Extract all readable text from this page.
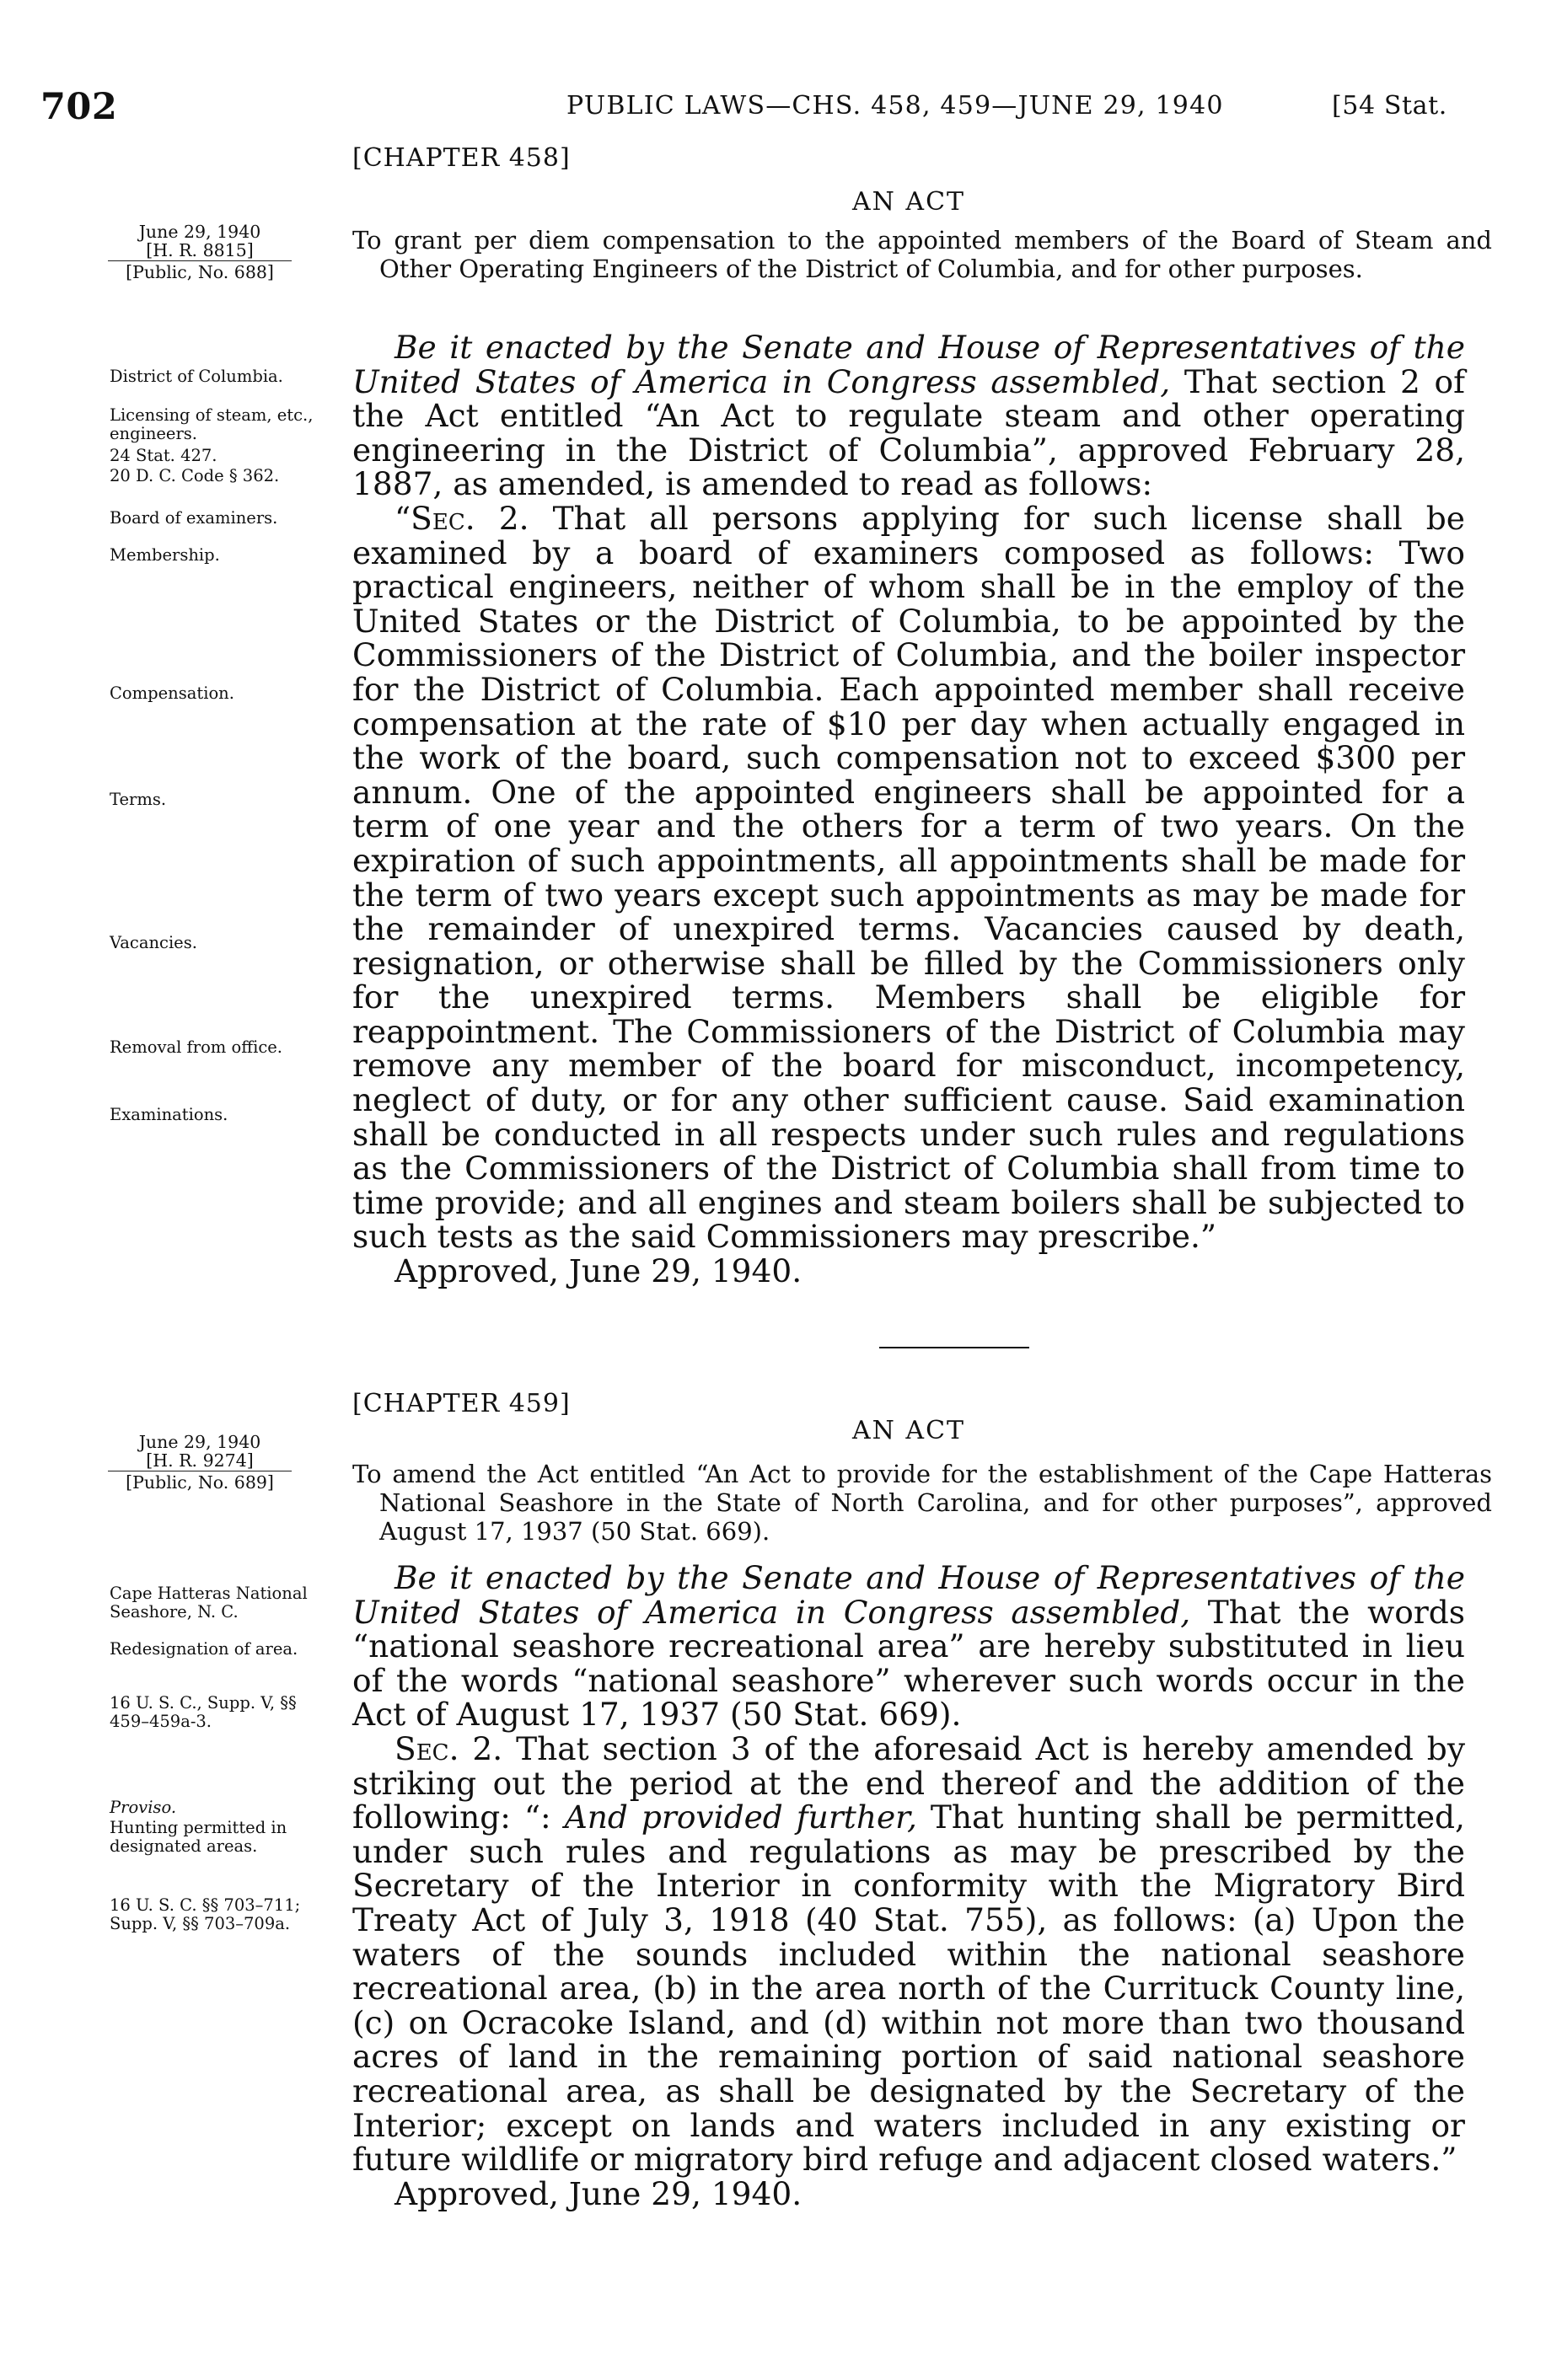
702	PUBLIC LAWS—CHS. 458, 459—JUNE 29, 1940	[54 Stat.
[CHAPTER 458]
AN ACT
June 29, 1940
[H. R. 8815]
[Public, No. 688]
To grant per diem compensation to the appointed members of the Board of Steam and Other Operating Engineers of the District of Columbia, and for other purposes.
District of Columbia.
Licensing of steam, etc., engineers.
24 Stat. 427.
20 D. C. Code § 362.
Board of examiners.
Membership.
Compensation.
Terms.
Vacancies.
Removal from office.
Examinations.

Be it enacted by the Senate and House of Representatives of the United States of America in Congress assembled, That section 2 of the Act entitled “An Act to regulate steam and other operating engineering in the District of Columbia”, approved February 28, 1887, as amended, is amended to read as follows:

“Sec. 2. That all persons applying for such license shall be examined by a board of examiners composed as follows: Two practical engineers, neither of whom shall be in the employ of the United States or the District of Columbia, to be appointed by the Commissioners of the District of Columbia, and the boiler inspector for the District of Columbia. Each appointed member shall receive compensation at the rate of $10 per day when actually engaged in the work of the board, such compensation not to exceed $300 per annum. One of the appointed engineers shall be appointed for a term of one year and the others for a term of two years. On the expiration of such appointments, all appointments shall be made for the term of two years except such appointments as may be made for the remainder of unexpired terms. Vacancies caused by death, resignation, or otherwise shall be filled by the Commissioners only for the unexpired terms. Members shall be eligible for reappointment. The Commissioners of the District of Columbia may remove any member of the board for misconduct, incompetency, neglect of duty, or for any other sufficient cause. Said examination shall be conducted in all respects under such rules and regulations as the Commissioners of the District of Columbia shall from time to time provide; and all engines and steam boilers shall be subjected to such tests as the said Commissioners may prescribe.”

Approved, June 29, 1940.

[CHAPTER 459]
AN ACT
June 29, 1940
[H. R. 9274]
[Public, No. 689]	To amend the Act entitled “An Act to provide for the establishment of the Cape Hatteras National Seashore in the State of North Carolina, and for other purposes”, approved August 17, 1937 (50 Stat. 669).
Cape Hatteras National Seashore, N. C.
Redesignation of area.
16 U. S. C., Supp. V, §§ 459–459a-3.
Proviso.
Hunting permitted in designated areas.
16 U. S. C. §§ 703–711; Supp. V, §§ 703–709a.

Be it enacted by the Senate and House of Representatives of the United States of America in Congress assembled, That the words “national seashore recreational area” are hereby substituted in lieu of the words “national seashore” wherever such words occur in the Act of August 17, 1937 (50 Stat. 669).

Sec. 2. That section 3 of the aforesaid Act is hereby amended by striking out the period at the end thereof and the addition of the following: “: And provided further, That hunting shall be permitted, under such rules and regulations as may be prescribed by the Secretary of the Interior in conformity with the Migratory Bird Treaty Act of July 3, 1918 (40 Stat. 755), as follows: (a) Upon the waters of the sounds included within the national seashore recreational area, (b) in the area north of the Currituck County line, (c) on Ocracoke Island, and (d) within not more than two thousand acres of land in the remaining portion of said national seashore recreational area, as shall be designated by the Secretary of the Interior; except on lands and waters included in any existing or future wildlife or migratory bird refuge and adjacent closed waters.”

Approved, June 29, 1940.
